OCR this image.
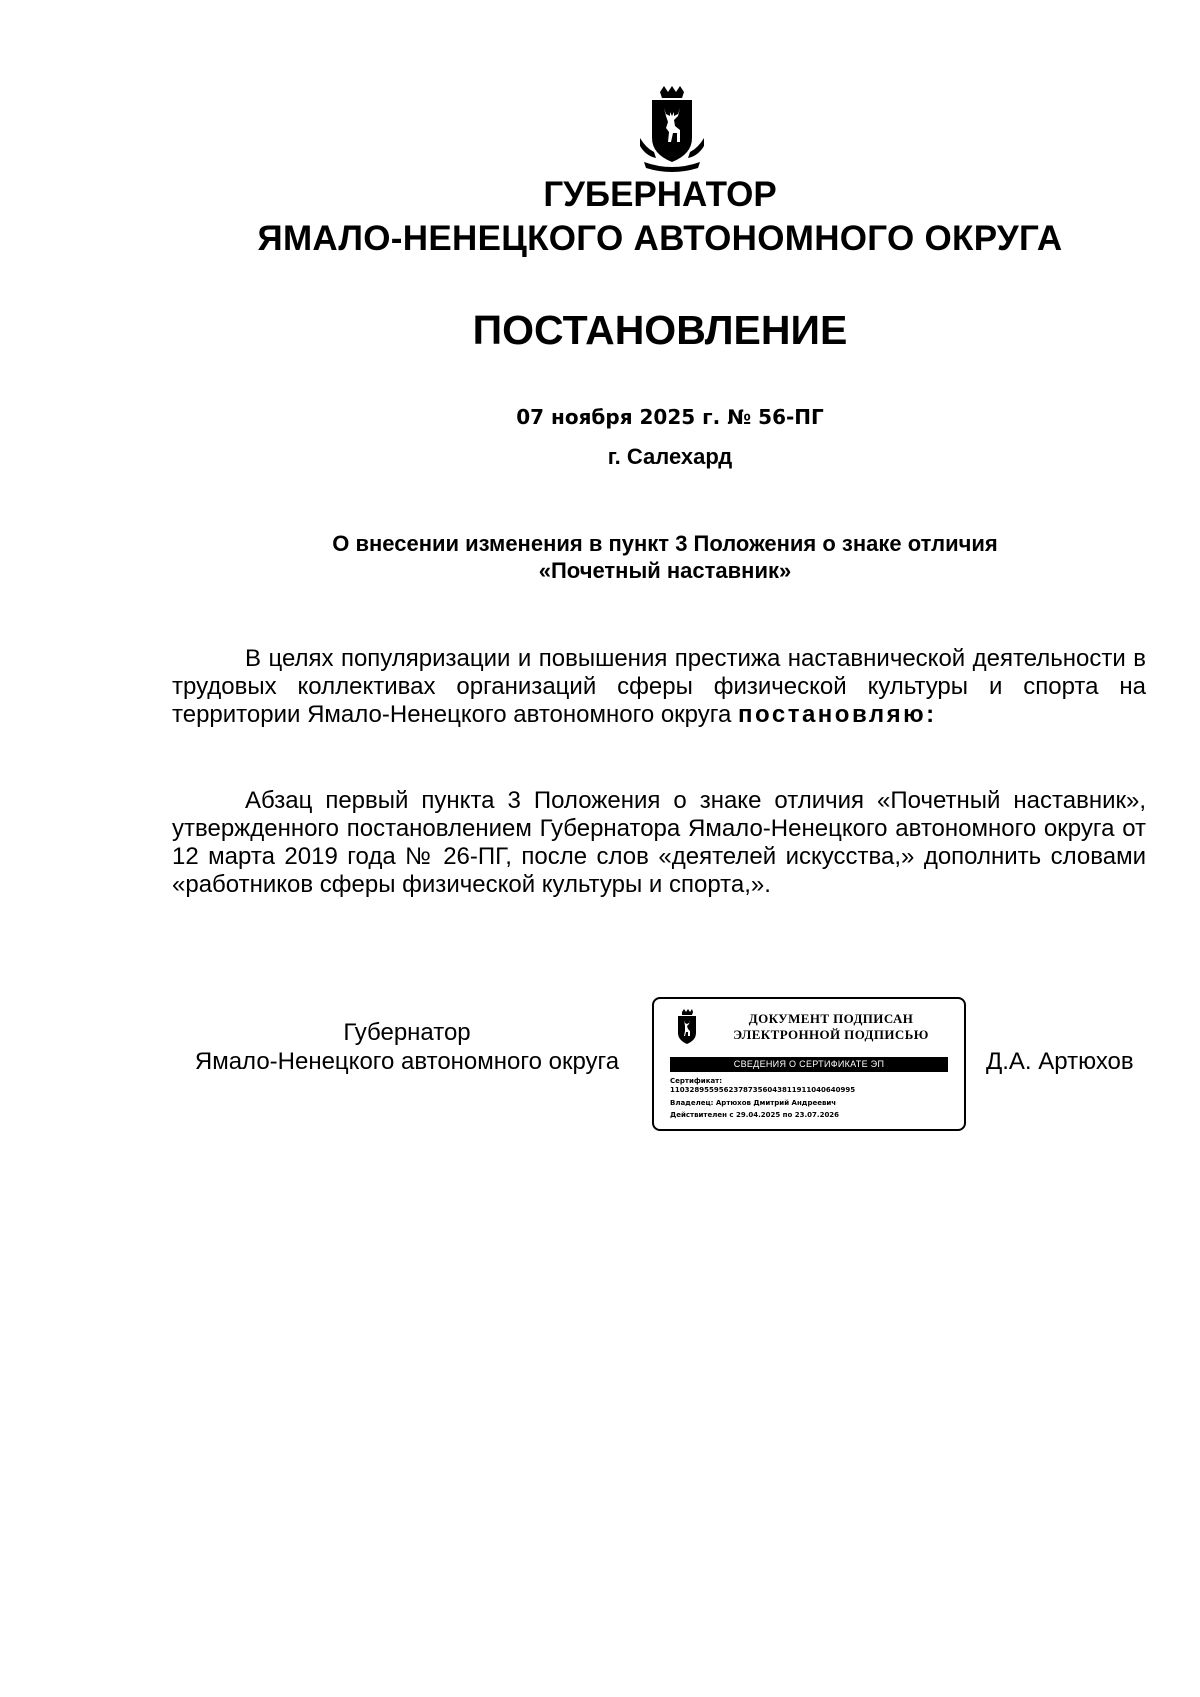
ГУБЕРНАТОР
ЯМАЛО-НЕНЕЦКОГО АВТОНОМНОГО ОКРУГА
ПОСТАНОВЛЕНИЕ
07 ноября 2025 г. № 56-ПГ
г. Салехард
О внесении изменения в пункт 3 Положения о знаке отличия
«Почетный наставник»

В целях популяризации и повышения престижа наставнической деятельности в трудовых коллективах организаций сферы физической культуры и спорта на территории Ямало-Ненецкого автономного округа постановляю:

Абзац первый пункта 3 Положения о знаке отличия «Почетный наставник», утвержденного постановлением Губернатора Ямало-Ненецкого автономного округа от 12 марта 2019 года № 26-ПГ, после слов «деятелей искусства,» дополнить словами «работников сферы физической культуры и спорта,».

Губернатор
Ямало-Ненецкого автономного округа
ДОКУМЕНТ ПОДПИСАН
ЭЛЕКТРОННОЙ ПОДПИСЬЮ
СВЕДЕНИЯ О СЕРТИФИКАТЕ ЭП
Сертификат:
11032895595623787356043811911040640995
Владелец: Артюхов Дмитрий Андреевич
Действителен с 29.04.2025 по 23.07.2026
Д.А. Артюхов
